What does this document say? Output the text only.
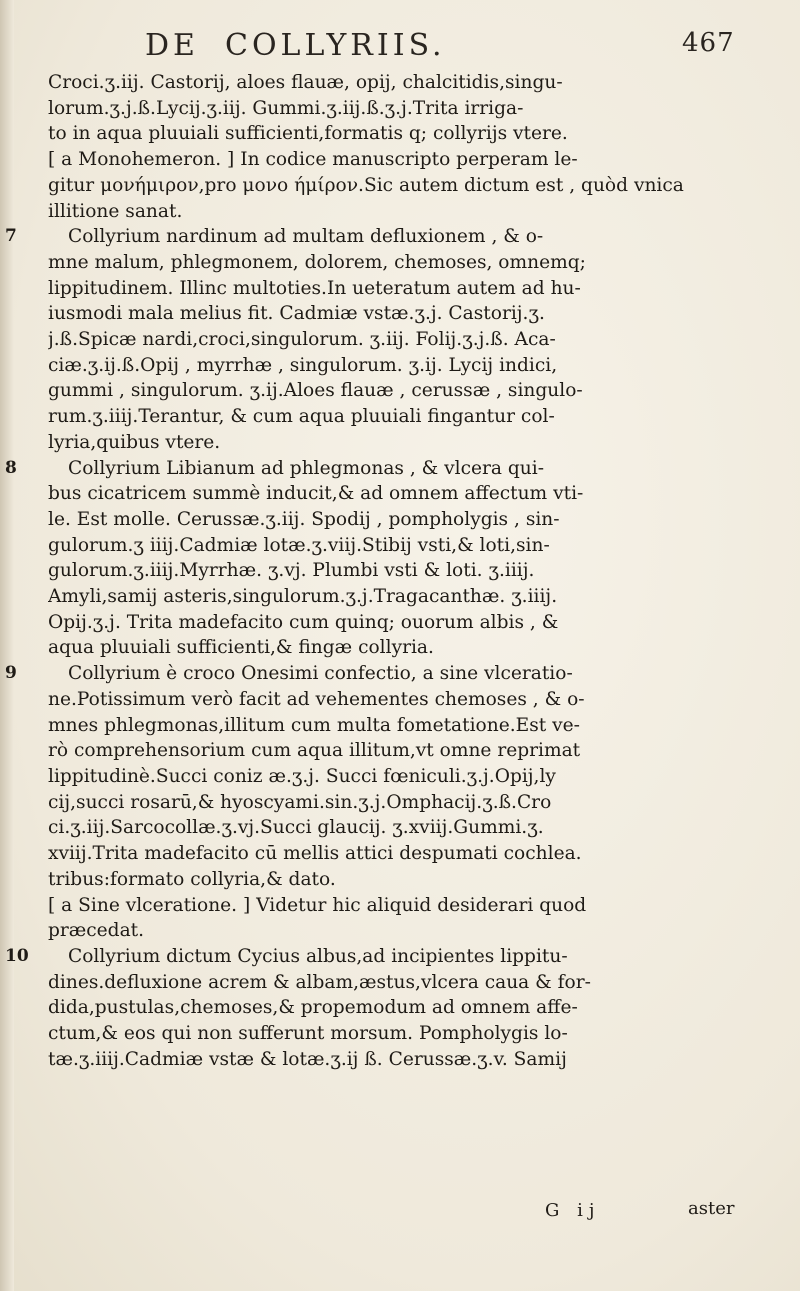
DE COLLYRIIS.	467
Croci.ʒ.iij. Castorij, aloes flauæ, opij, chalcitidis,singu-
lorum.ʒ.j.ß.Lycij.ʒ.iij. Gummi.ʒ.iij.ß.ʒ.j.Trita irriga-
to in aqua pluuiali sufficienti,formatis q; collyrijs vtere.
[ a Monohemeron. ] In codice manuscripto perperam le-
gitur μονήμιρον,pro μονο ήμίρον.Sic autem dictum est , quòd vnica
illitione sanat.
7	Collyrium nardinum ad multam defluxionem , & o-
mne malum, phlegmonem, dolorem, chemoses, omnemq;
lippitudinem. Illinc multoties.In ueteratum autem ad hu-
iusmodi mala melius fit. Cadmiæ vstæ.ʒ.j. Castorij.ʒ.
j.ß.Spicæ nardi,croci,singulorum. ʒ.iij. Folij.ʒ.j.ß. Aca-
ciæ.ʒ.ij.ß.Opij , myrrhæ , singulorum. ʒ.ij. Lycij indici,
gummi , singulorum. ʒ.ij.Aloes flauæ , cerussæ , singulo-
rum.ʒ.iiij.Terantur, & cum aqua pluuiali fingantur col-
lyria,quibus vtere.
8	Collyrium Libianum ad phlegmonas , & vlcera qui-
bus cicatricem summè inducit,& ad omnem affectum vti-
le. Est molle. Cerussæ.ʒ.iij. Spodij , pompholygis , sin-
gulorum.ʒ iiij.Cadmiæ lotæ.ʒ.viij.Stibij vsti,& loti,sin-
gulorum.ʒ.iiij.Myrrhæ. ʒ.vj. Plumbi vsti & loti. ʒ.iiij.
Amyli,samij asteris,singulorum.ʒ.j.Tragacanthæ. ʒ.iiij.
Opij.ʒ.j. Trita madefacito cum quinq; ouorum albis , &
aqua pluuiali sufficienti,& fingæ collyria.
9	Collyrium è croco Onesimi confectio, a sine vlceratio-
ne.Potissimum verò facit ad vehementes chemoses , & o-
mnes phlegmonas,illitum cum multa fometatione.Est ve-
rò comprehensorium cum aqua illitum,vt omne reprimat
lippitudinè.Succi coniz æ.ʒ.j. Succi fœniculi.ʒ.j.Opij,ly
cij,succi rosarū,& hyoscyami.sin.ʒ.j.Omphacij.ʒ.ß.Cro
ci.ʒ.iij.Sarcocollæ.ʒ.vj.Succi glaucij. ʒ.xviij.Gummi.ʒ.
xviij.Trita madefacito cū mellis attici despumati cochlea.
tribus:formato collyria,& dato.
[ a Sine vlceratione. ] Videtur hic aliquid desiderari quod
præcedat.
10	Collyrium dictum Cycius albus,ad incipientes lippitu-
dines.defluxione acrem & albam,æstus,vlcera caua & for-
dida,pustulas,chemoses,& propemodum ad omnem affe-
ctum,& eos qui non sufferunt morsum. Pompholygis lo-
tæ.ʒ.iiij.Cadmiæ vstæ & lotæ.ʒ.ij ß. Cerussæ.ʒ.v. Samij
G ij	aster
